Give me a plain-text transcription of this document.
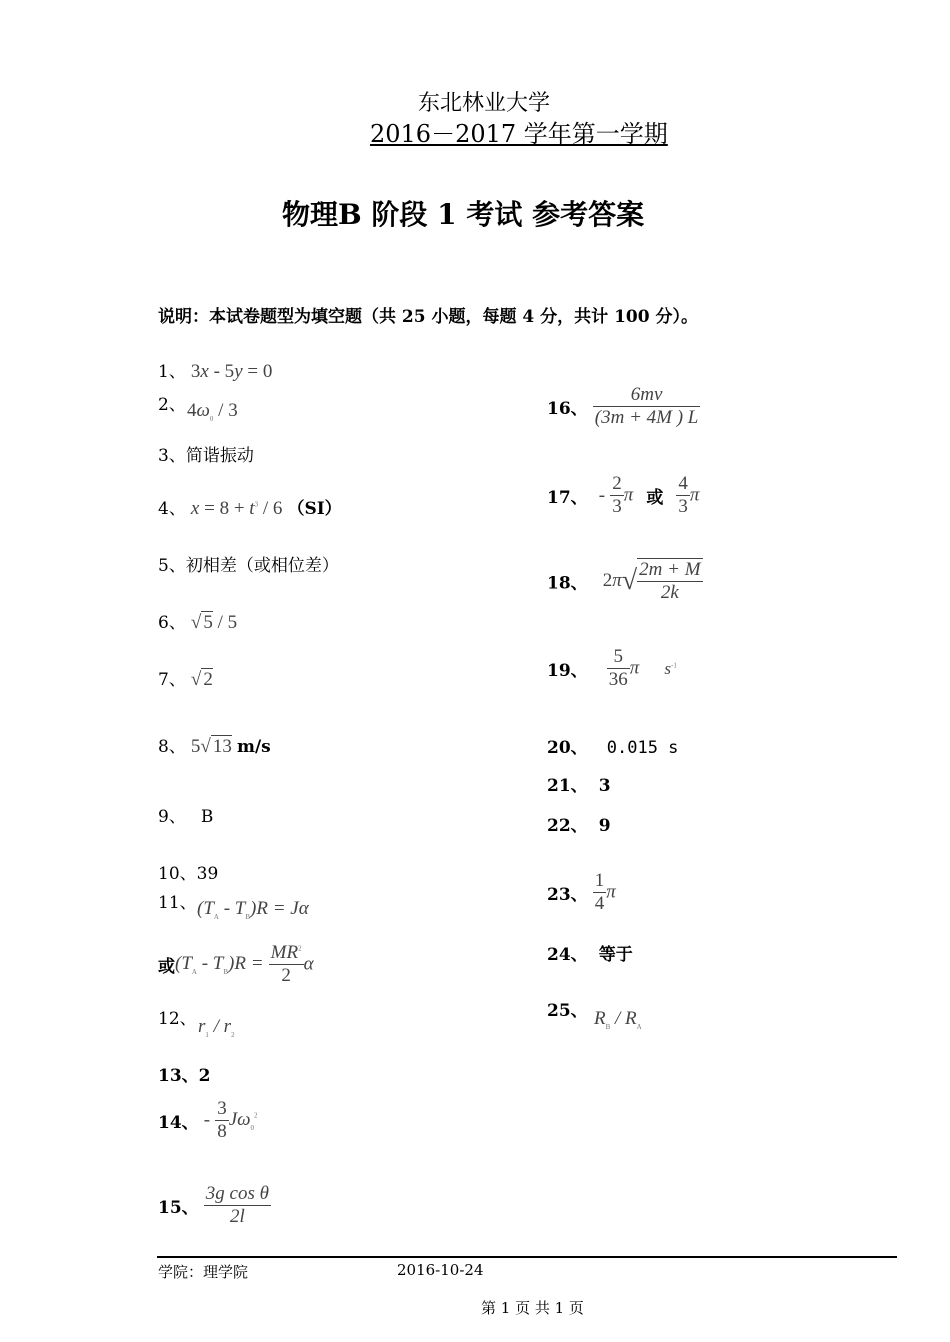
东北林业大学
2016－2017 学年第一学期
物理B 阶段 1 考试 参考答案
说明：本试卷题型为填空题（共 25 小题，每题 4 分，共计 100 分）。
1、 3x - 5y = 0
2、 $4\omega_0 / 3$
3、简谐振动
4、 $x = 8 + t^3 / 6$ （SI）
5、初相差（或相位差）
6、 √ 5 / 5
7、 √ 2
8、 5√ 13 m/s
9、 B
10、39
11、 $(T_A - T_B)R = J\alpha$
或$(T_A - T_B)R = \frac{MR^2}{2}$ α
12、 $r_1 / r_2$
13、2
14、 - $\frac{3}{8} J\omega_0^2$
15、 $\frac{\text{3g cos θ}}{2l}$
16、 $\frac{6mv}{(3m + 4M ) L}$
17、 - $\frac{2}{3}$ π 或 $\frac{4}{3}$ π
18、 $2\pi√ \frac{2m + M}{2k}$
19、 $\frac{5}{36}$ π $s^{-1}$
20、 0.015 s
21、 3
22、 9
23、 $\frac{1}{4}$ π
24、 等于
25、 $R_B / R_A$
学院：理学院	2016-10-24
第 1 页 共 1 页
